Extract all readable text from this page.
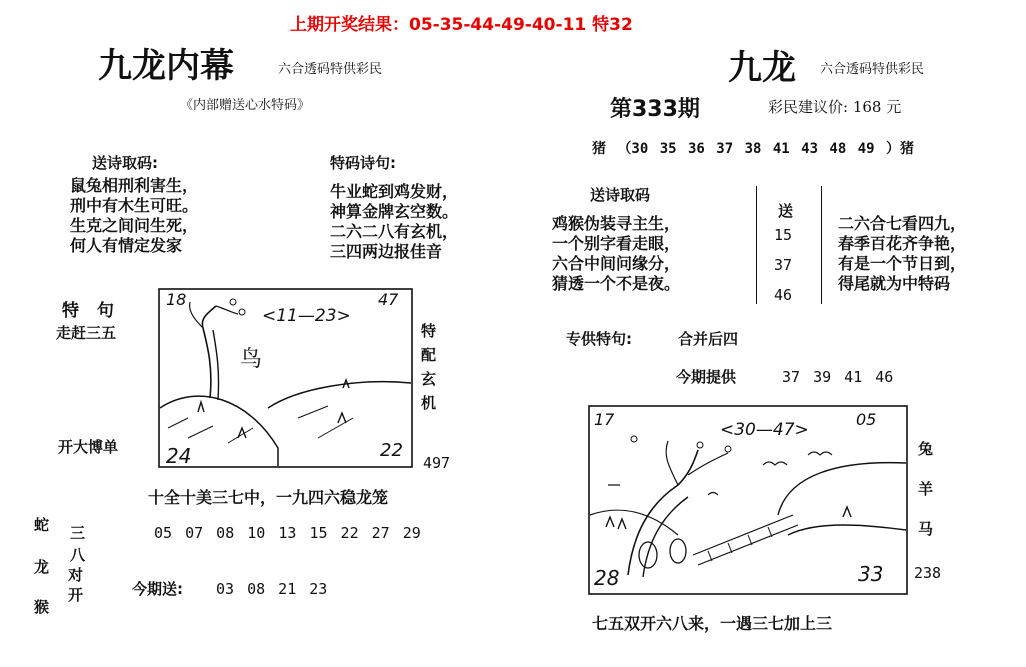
上期开奖结果：05-35-44-49-40-11 特32
九龙内幕	六合透码特供彩民
《内部赠送心水特码》
送诗取码:
鼠兔相刑利害生，
刑中有木生可旺。
生克之间问生死，
何人有情定发家
特码诗句:
牛业蛇到鸡发财，
神算金牌玄空数。
二六二八有玄机，
三四两边报佳音
特 句
走赶三五
开大博单
18	47
<11—23>
鸟
24	22
特
配
玄
机
497
十全十美三七中，一九四六稳龙笼
蛇
龙
猴
三
八
对
开
05 07 08 10 13 15 22 27 29
今期送: 03 08 21 23
九龙 六合透码特供彩民
第333期	彩民建议价: 168 元
猪 （30 35 36 37 38 41 43 48 49 ）猪
送诗取码
鸡猴伪装寻主生，
一个别字看走眼，
六合中间问缘分，
猜透一个不是夜。
送
15
37
46
二六合七看四九，
春季百花齐争艳，
有是一个节日到，
得尾就为中特码
专供特句:	合并后四
今期提供	37 39 41 46
17
<30—47>
05
28	33
兔
羊
马
238
七五双开六八来，一遇三七加上三
